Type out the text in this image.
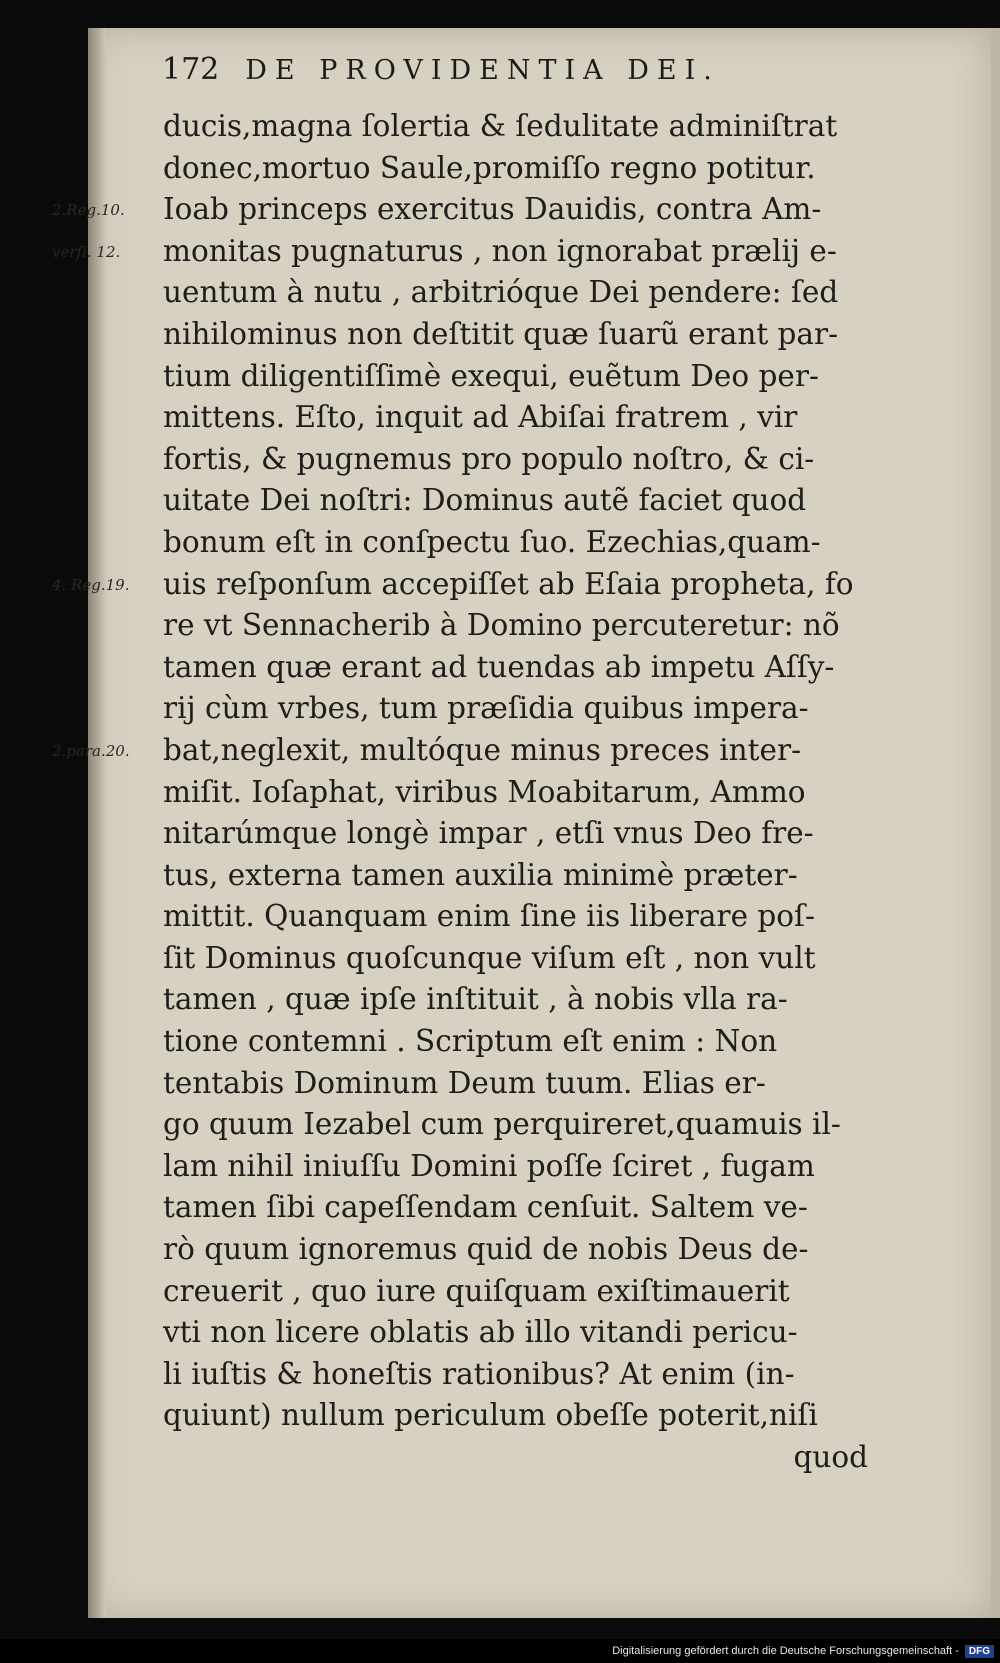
172 DE PROVIDENTIA DEI.
2.Reg.10.
verſi. 12.
4. Reg.19.
2.para.20.
ducis,magna ſolertia & ſedulitate adminiſtrat
donec,mortuo Saule,promiſſo regno potitur.
Ioab princeps exercitus Dauidis, contra Am-
monitas pugnaturus , non ignorabat prælij e-
uentum à nutu , arbitrióque Dei pendere: ſed
nihilominus non deſtitit quæ ſuarũ erant par-
tium diligentiſſimè exequi, euẽtum Deo per-
mittens. Eſto, inquit ad Abiſai fratrem , vir
fortis, & pugnemus pro populo noſtro, & ci-
uitate Dei noſtri: Dominus autẽ faciet quod
bonum eſt in conſpectu ſuo. Ezechias,quam-
uis reſponſum accepiſſet ab Eſaia propheta, fo
re vt Sennacherib à Domino percuteretur: nõ
tamen quæ erant ad tuendas ab impetu Aſſy-
rij cùm vrbes, tum præſidia quibus impera-
bat,neglexit, multóque minus preces inter-
miſit. Ioſaphat, viribus Moabitarum, Ammo
nitarúmque longè impar , etſi vnus Deo fre-
tus, externa tamen auxilia minimè præter-
mittit. Quanquam enim ſine iis liberare poſ-
ſit Dominus quoſcunque viſum eſt , non vult
tamen , quæ ipſe inſtituit , à nobis vlla ra-
tione contemni . Scriptum eſt enim : Non
tentabis Dominum Deum tuum. Elias er-
go quum Iezabel cum perquireret,quamuis il-
lam nihil iniuſſu Domini poſſe ſciret , fugam
tamen ſibi capeſſendam cenſuit. Saltem ve-
rò quum ignoremus quid de nobis Deus de-
creuerit , quo iure quiſquam exiſtimauerit
vti non licere oblatis ab illo vitandi pericu-
li iuſtis & honeſtis rationibus? At enim (in-
quiunt) nullum periculum obeſſe poterit,niſi
quod
Digitalisierung gefördert durch die Deutsche Forschungsgemeinschaft -	DFG
